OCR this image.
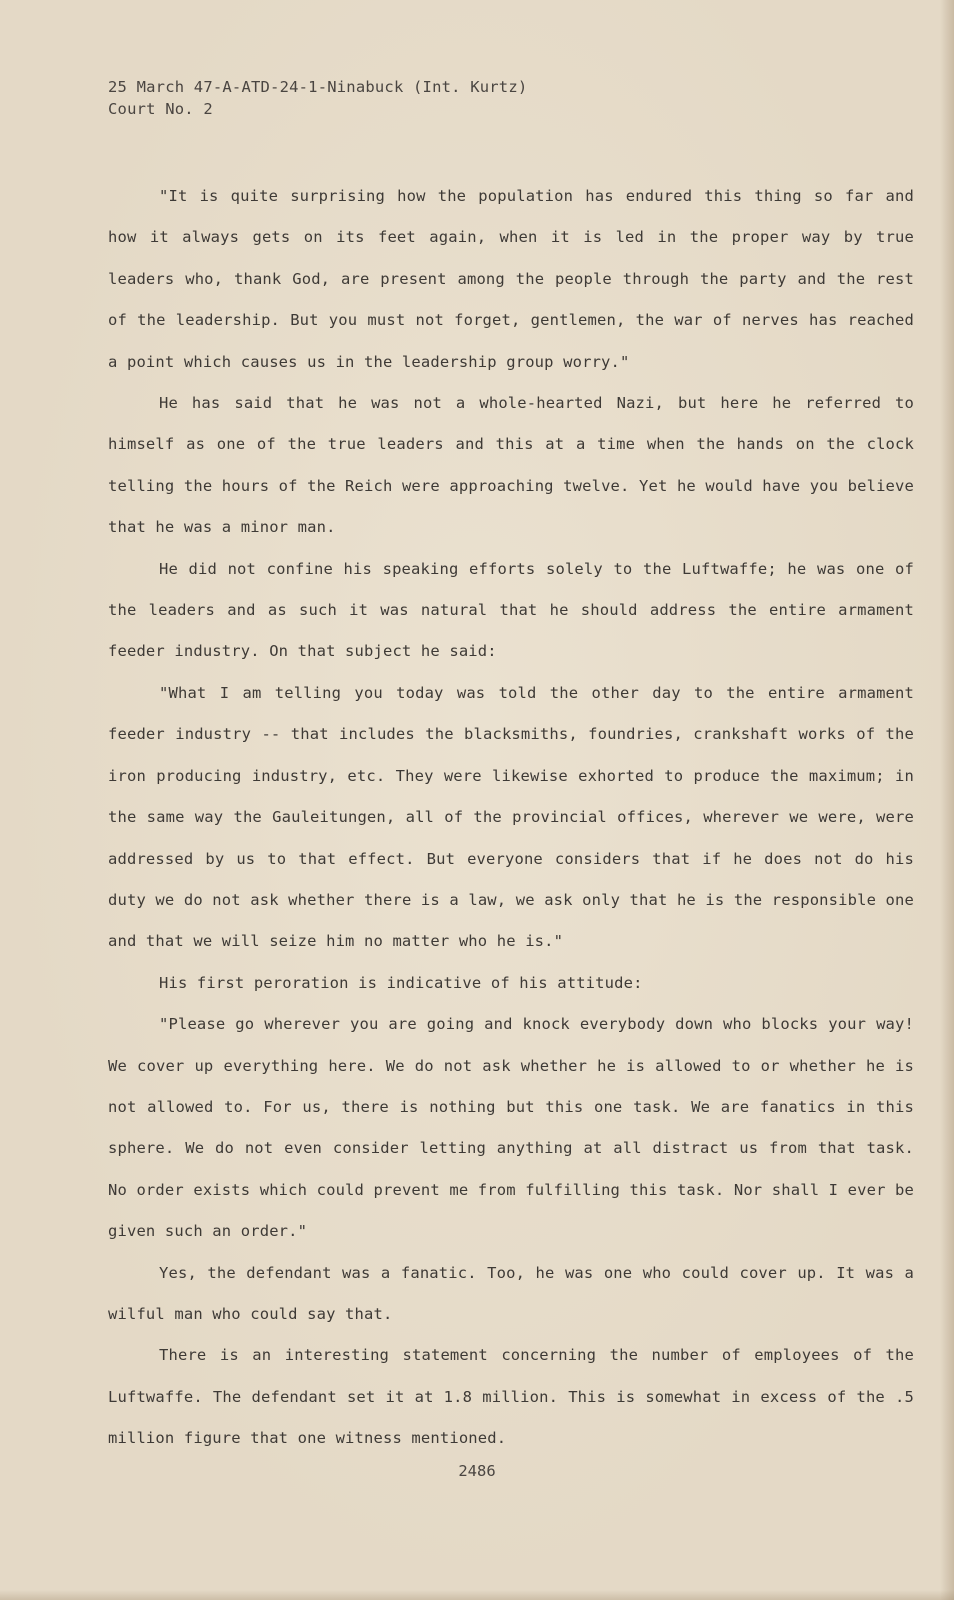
25 March 47-A-ATD-24-1-Ninabuck (Int. Kurtz)
Court No. 2

"It is quite surprising how the population has endured this thing so far and how it always gets on its feet again, when it is led in the proper way by true leaders who, thank God, are present among the people through the party and the rest of the leadership. But you must not forget, gentlemen, the war of nerves has reached a point which causes us in the leadership group worry."

He has said that he was not a whole-hearted Nazi, but here he referred to himself as one of the true leaders and this at a time when the hands on the clock telling the hours of the Reich were approaching twelve. Yet he would have you believe that he was a minor man.

He did not confine his speaking efforts solely to the Luftwaffe; he was one of the leaders and as such it was natural that he should address the entire armament feeder industry. On that subject he said:

"What I am telling you today was told the other day to the entire armament feeder industry -- that includes the blacksmiths, foundries, crankshaft works of the iron producing industry, etc. They were likewise exhorted to produce the maximum; in the same way the Gauleitungen, all of the provincial offices, wherever we were, were addressed by us to that effect. But everyone considers that if he does not do his duty we do not ask whether there is a law, we ask only that he is the responsible one and that we will seize him no matter who he is."

His first peroration is indicative of his attitude:

"Please go wherever you are going and knock everybody down who blocks your way! We cover up everything here. We do not ask whether he is allowed to or whether he is not allowed to. For us, there is nothing but this one task. We are fanatics in this sphere. We do not even consider letting anything at all distract us from that task. No order exists which could prevent me from fulfilling this task. Nor shall I ever be given such an order."

Yes, the defendant was a fanatic. Too, he was one who could cover up. It was a wilful man who could say that.

There is an interesting statement concerning the number of employees of the Luftwaffe. The defendant set it at 1.8 million. This is somewhat in excess of the .5 million figure that one witness mentioned.

2486
